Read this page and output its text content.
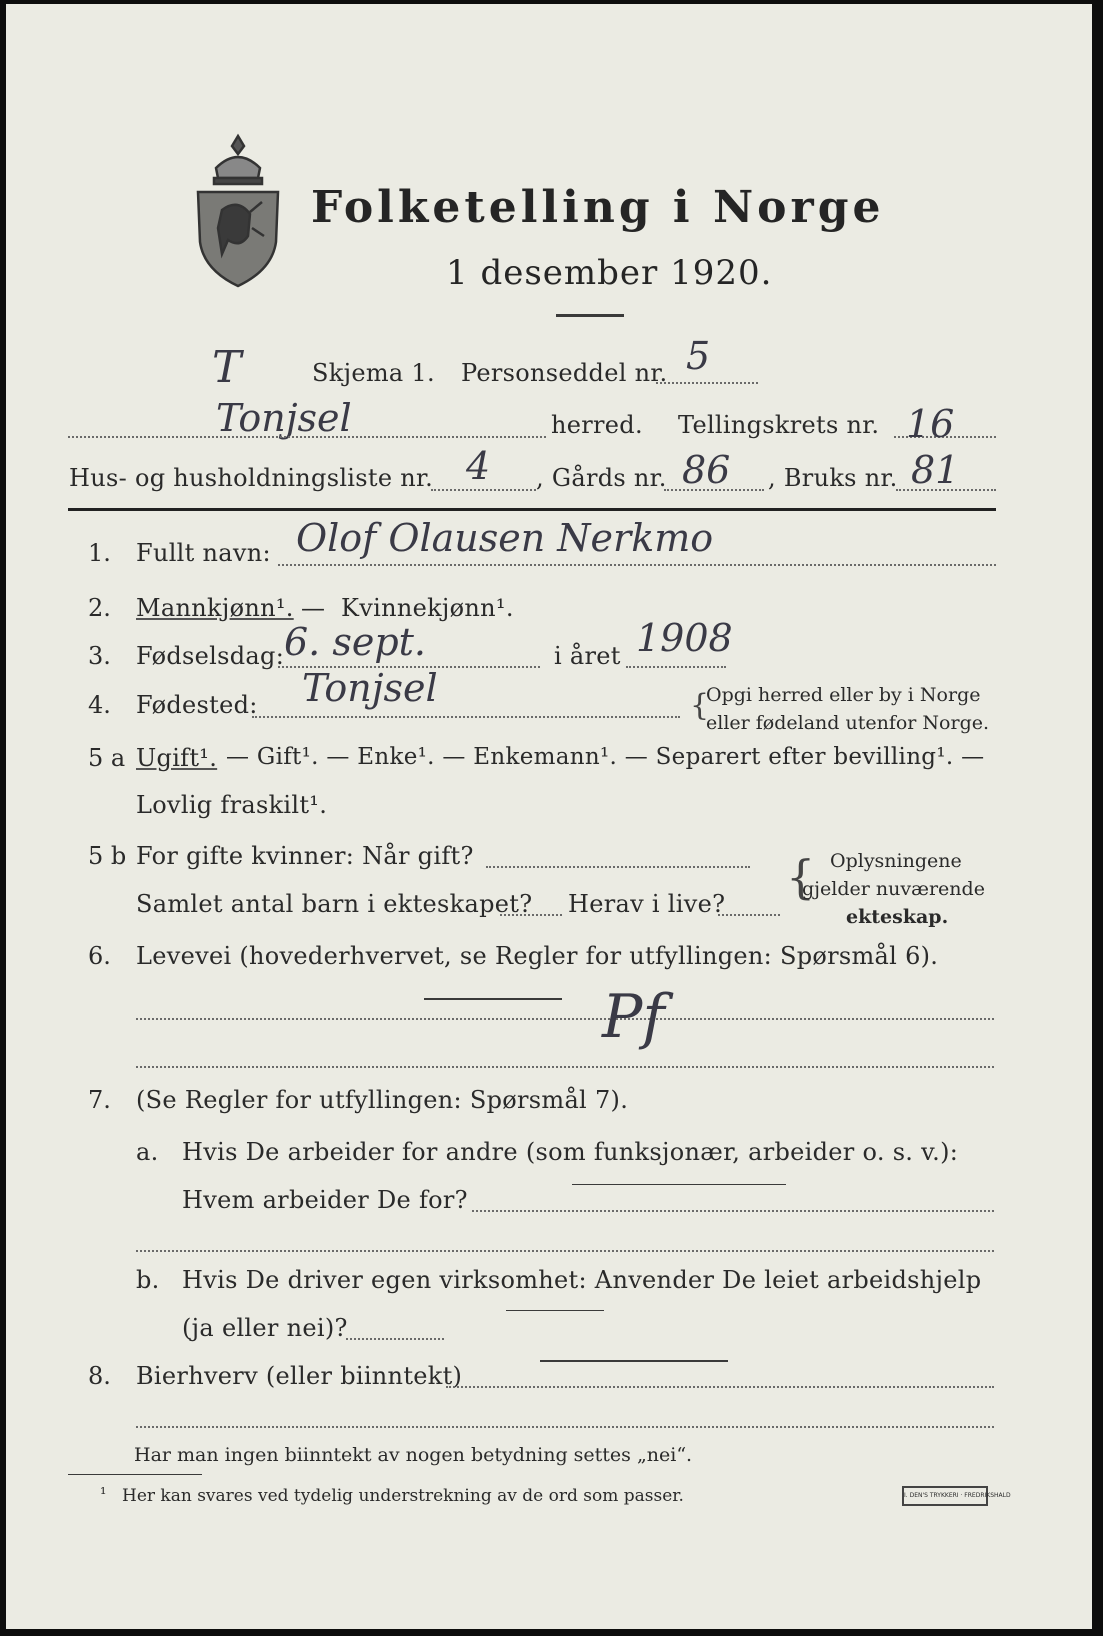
Folketelling i Norge
1 desember 1920.
T	Skjema 1. Personseddel nr. 5
Tonjsel	herred. Tellingskrets nr. 16
Hus- og husholdningsliste nr. 4 , Gårds nr. 86 , Bruks nr. 81
1. Fullt navn: Olof Olausen Nerkmo
2. Mannkjønn¹. — Kvinnekjønn¹.
3. Fødselsdag: 6. sept.	i året 1908
4. Fødested: Tonjsel	{
Opgi herred eller by i Norge
eller fødeland utenfor Norge.
5 a Ugift¹. — Gift¹. — Enke¹. — Enkemann¹. — Separert efter bevilling¹. —
Lovlig fraskilt¹.
5 b For gifte kvinner: Når gift?
Samlet antal barn i ekteskapet? Herav i live? { Oplysningene
gjelder nuværende
ekteskap.
6. Levevei (hovederhvervet, se Regler for utfyllingen: Spørsmål 6).
Pf
7. (Se Regler for utfyllingen: Spørsmål 7).
a. Hvis De arbeider for andre (som funksjonær, arbeider o. s. v.):
Hvem arbeider De for?
b. Hvis De driver egen virksomhet: Anvender De leiet arbeidshjelp
(ja eller nei)?
8. Bierhverv (eller biinntekt)
Har man ingen biinntekt av nogen betydning settes „nei“.
¹ Her kan svares ved tydelig understrekning av de ord som passer.	I. DEN'S TRYKKERI · FREDRIKSHALD
